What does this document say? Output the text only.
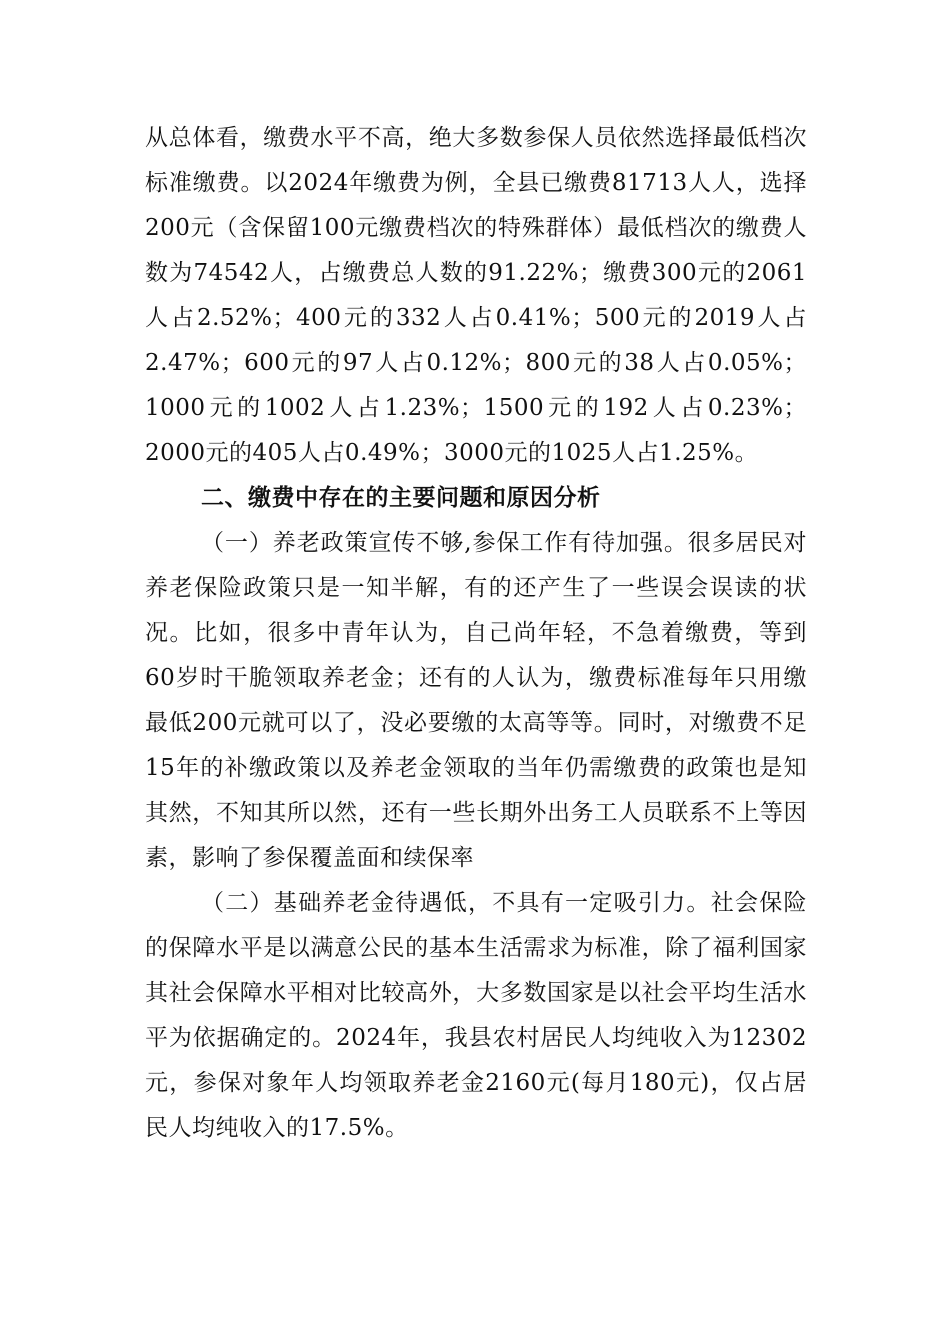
从总体看，缴费水平不高，绝大多数参保人员依然选择最低档次标准缴费。以2024年缴费为例，全县已缴费81713人人，选择200元（含保留100元缴费档次的特殊群体）最低档次的缴费人数为74542人，占缴费总人数的91.22%；缴费300元的2061人占2.52%；400元的332人占0.41%；500元的2019人占2.47%；600元的97人占0.12%；800元的38人占0.05%；1000元的1002人占1.23%；1500元的192人占0.23%；2000元的405人占0.49%；3000元的1025人占1.25%。

二、缴费中存在的主要问题和原因分析

（一）养老政策宣传不够,参保工作有待加强。很多居民对养老保险政策只是一知半解，有的还产生了一些误会误读的状况。比如，很多中青年认为，自己尚年轻，不急着缴费，等到60岁时干脆领取养老金；还有的人认为，缴费标准每年只用缴最低200元就可以了，没必要缴的太高等等。同时，对缴费不足15年的补缴政策以及养老金领取的当年仍需缴费的政策也是知其然，不知其所以然，还有一些长期外出务工人员联系不上等因素，影响了参保覆盖面和续保率

（二）基础养老金待遇低，不具有一定吸引力。社会保险的保障水平是以满意公民的基本生活需求为标准，除了福利国家其社会保障水平相对比较高外，大多数国家是以社会平均生活水平为依据确定的。2024年，我县农村居民人均纯收入为12302元，参保对象年人均领取养老金2160元(每月180元)，仅占居民人均纯收入的17.5%。
